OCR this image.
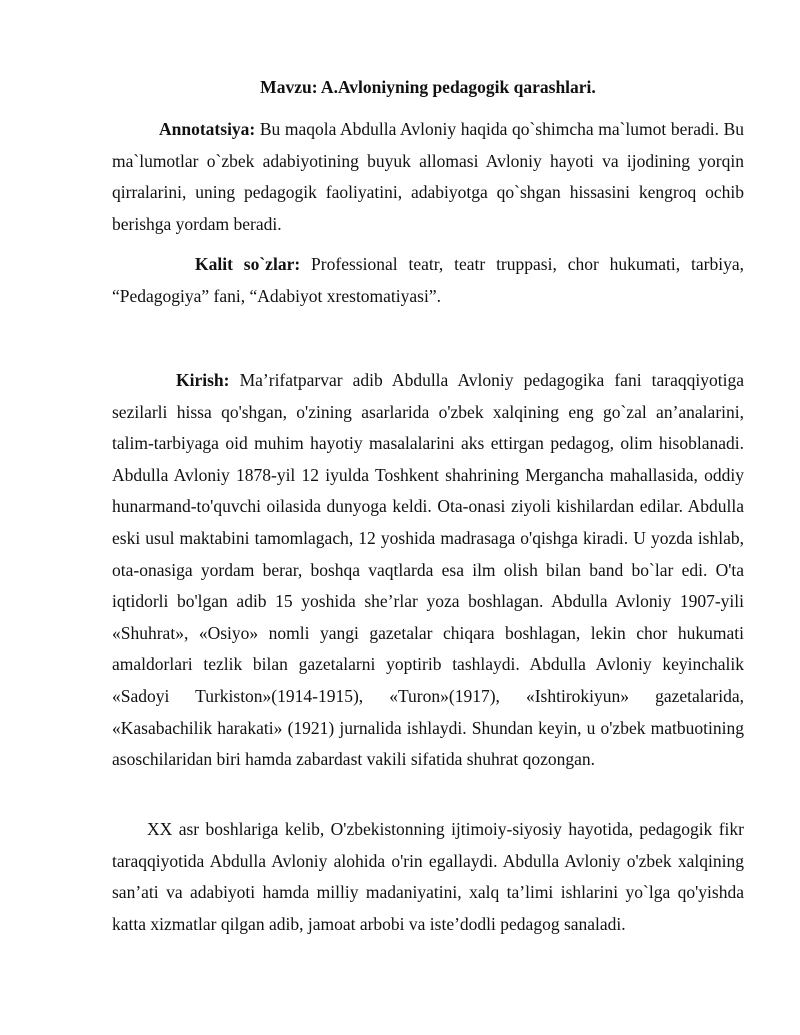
Mavzu: A.Avloniyning pedagogik qarashlari.

Annotatsiya: Bu maqola Abdulla Avloniy haqida qo`shimcha ma`lumot beradi. Bu ma`lumotlar o`zbek adabiyotining buyuk allomasi Avloniy hayoti va ijodining yorqin qirralarini, uning pedagogik faoliyatini, adabiyotga qo`shgan hissasini kengroq ochib berishga yordam beradi.

Kalit so`zlar: Professional teatr, teatr truppasi, chor hukumati, tarbiya, “Pedagogiya” fani, “Adabiyot xrestomatiyasi”.

Kirish: Ma’rifatparvar adib Abdulla Avloniy pedagogika fani taraqqiyotiga sezilarli hissa qo'shgan, o'zining asarlarida o'zbek xalqining eng go`zal an’analarini, talim-tarbiyaga oid muhim hayotiy masalalarini aks ettirgan pedagog, olim hisoblanadi. Abdulla Avloniy 1878-yil 12 iyulda Toshkent shahrining Mergancha mahallasida, oddiy hunarmand-to'quvchi oilasida dunyoga keldi. Ota-onasi ziyoli kishilardan edilar. Abdulla eski usul maktabini tamomlagach, 12 yoshida madrasaga o'qishga kiradi. U yozda ishlab, ota-onasiga yordam berar, boshqa vaqtlarda esa ilm olish bilan band bo`lar edi. O'ta iqtidorli bo'lgan adib 15 yoshida she’rlar yoza boshlagan. Abdulla Avloniy 1907-yili «Shuhrat», «Osiyo» nomli yangi gazetalar chiqara boshlagan, lekin chor hukumati amaldorlari tezlik bilan gazetalarni yoptirib tashlaydi. Abdulla Avloniy keyinchalik «Sadoyi Turkiston»(1914-1915), «Turon»(1917), «Ishtirokiyun» gazetalarida, «Kasabachilik harakati» (1921) jurnalida ishlaydi. Shundan keyin, u o'zbek matbuotining asoschilaridan biri hamda zabardast vakili sifatida shuhrat qozongan.

XX asr boshlariga kelib, O'zbekistonning ijtimoiy-siyosiy hayotida, pedagogik fikr taraqqiyotida Abdulla Avloniy alohida o'rin egallaydi. Abdulla Avloniy o'zbek xalqining san’ati va adabiyoti hamda milliy madaniyatini, xalq ta’limi ishlarini yo`lga qo'yishda katta xizmatlar qilgan adib, jamoat arbobi va iste’dodli pedagog sanaladi.
